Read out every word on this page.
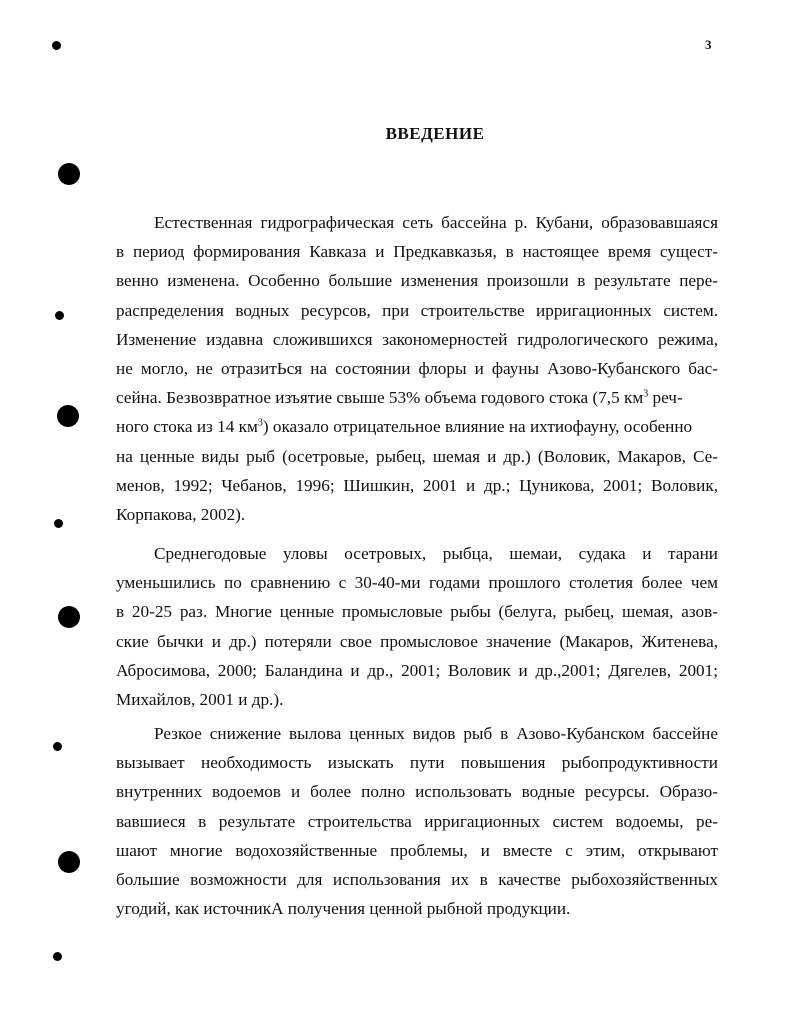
3
ВВЕДЕНИЕ
Естественная гидрографическая сеть бассейна р. Кубани, образовавшаяся
в период формирования Кавказа и Предкавказья, в настоящее время сущест-
венно изменена. Особенно большие изменения произошли в результате пере-
распределения водных ресурсов, при строительстве ирригационных систем.
Изменение издавна сложившихся закономерностей гидрологического режима,
не могло, не отразитЬся на состоянии флоры и фауны Азово-Кубанского бас-
сейна. Безвозвратное изъятие свыше 53% объема годового стока (7,5 $км^3$ реч-
ного стока из 14 $км^3$) оказало отрицательное влияние на ихтиофауну, особенно
на ценные виды рыб (осетровые, рыбец, шемая и др.) (Воловик, Макаров, Се-
менов, 1992; Чебанов, 1996; Шишкин, 2001 и др.; Цуникова, 2001; Воловик,
Корпакова, 2002).
Среднегодовые уловы осетровых, рыбца, шемаи, судака и тарани
уменьшились по сравнению с 30-40-ми годами прошлого столетия более чем
в 20-25 раз. Многие ценные промысловые рыбы (белуга, рыбец, шемая, азов-
ские бычки и др.) потеряли свое промысловое значение (Макаров, Житенева,
Абросимова, 2000; Баландина и др., 2001; Воловик и др.,2001; Дягелев, 2001;
Михайлов, 2001 и др.).
Резкое снижение вылова ценных видов рыб в Азово-Кубанском бассейне
вызывает необходимость изыскать пути повышения рыбопродуктивности
внутренних водоемов и более полно использовать водные ресурсы. Образо-
вавшиеся в результате строительства ирригационных систем водоемы, ре-
шают многие водохозяйственные проблемы, и вместе с этим, открывают
большие возможности для использования их в качестве рыбохозяйственных
угодий, как источникА получения ценной рыбной продукции.
